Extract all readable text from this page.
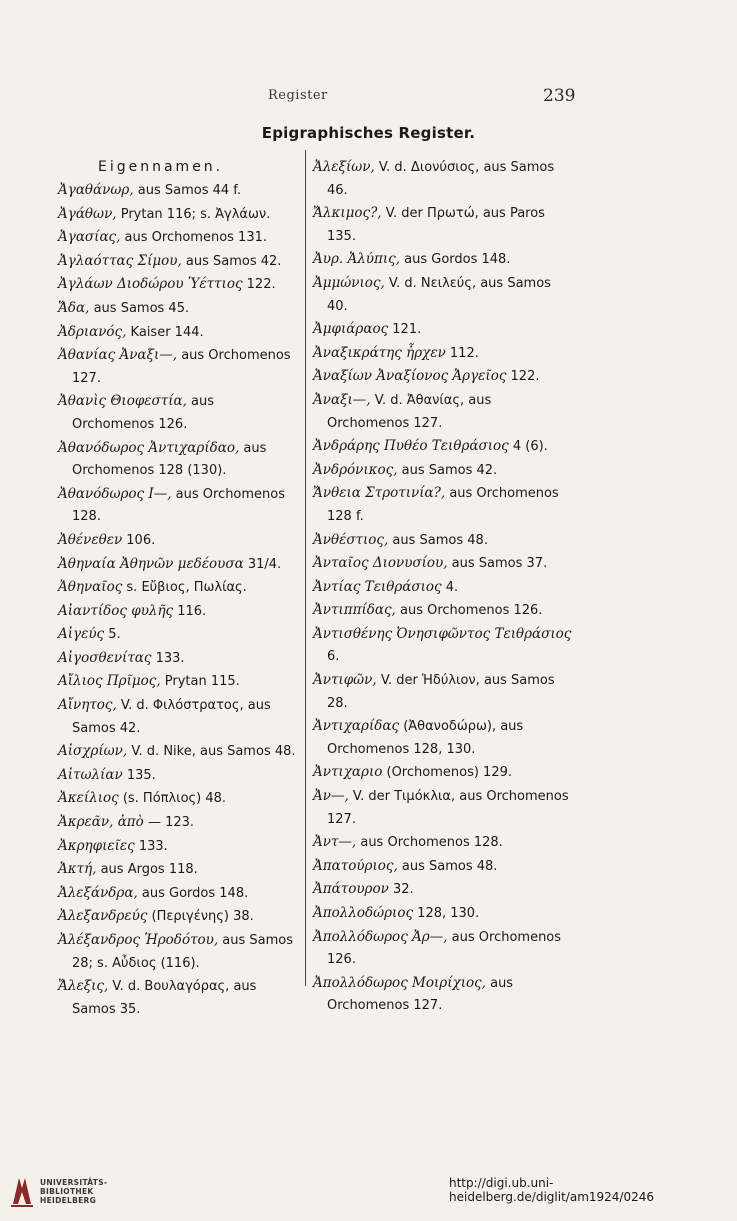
Register	239
Epigraphisches Register.
Eigennamen.
Ἀγαθάνωρ, aus Samos 44 f.
Ἀγάθων, Prytan 116; s. Ἀγλάων.
Ἀγασίας, aus Orchomenos 131.
Ἀγλαόττας Σίμου, aus Samos 42.
Ἀγλάων Διοδώρου Ὑέττιος 122.
Ἄδα, aus Samos 45.
Ἀδριανός, Kaiser 144.
Ἀθανίας Ἀναξι—, aus Orchomenos 127.
Ἀθανὶς Θιοφεστία, aus Orchomenos 126.
Ἀθανόδωρος Ἀντιχαρίδαο, aus Orchomenos 128 (130).
Ἀθανόδωρος Ι—, aus Orchomenos 128.
Ἀθένεθεν 106.
Ἀθηναία Ἀθηνῶν μεδέουσα 31/4.
Ἀθηναῖος s. Εὔβιος, Πωλίας.
Αἰαντίδος φυλῆς 116.
Αἰγεύς 5.
Αἰγοσθενίτας 133.
Αἴλιος Πρῖμος, Prytan 115.
Αἴνητος, V. d. Φιλόστρατος, aus Samos 42.
Αἰσχρίων, V. d. Nike, aus Samos 48.
Αἰτωλίαν 135.
Ἀκείλιος (s. Πόπλιος) 48.
Ἀκρεᾶν, ἀπὸ — 123.
Ἀκρηφιεῖες 133.
Ἀκτή, aus Argos 118.
Ἀλεξάνδρα, aus Gordos 148.
Ἀλεξανδρεύς (Περιγένης) 38.
Ἀλέξανδρος Ἡροδότου, aus Samos 28; s. Αὖδιος (116).
Ἄλεξις, V. d. Βουλαγόρας, aus Samos 35.
Ἀλεξίων, V. d. Διονύσιος, aus Samos 46.
Ἄλκιμος?, V. der Πρωτώ, aus Paros 135.
Ἀυρ. Ἀλύπις, aus Gordos 148.
Ἀμμώνιος, V. d. Νειλεύς, aus Samos 40.
Ἀμφιάραος 121.
Ἀναξικράτης ἦρχεν 112.
Ἀναξίων Ἀναξίονος Ἀργεῖος 122.
Ἀναξι—, V. d. Ἀθανίας, aus Orchomenos 127.
Ἀνδράρης Πυθέο Τειθράσιος 4 (6).
Ἀνδρόνικος, aus Samos 42.
Ἄνθεια Στροτινία?, aus Orchomenos 128 f.
Ἀνθέστιος, aus Samos 48.
Ἀνταῖος Διονυσίου, aus Samos 37.
Ἀντίας Τειθράσιος 4.
Ἀντιππίδας, aus Orchomenos 126.
Ἀντισθένης Ὀνησιφῶντος Τειθράσιος 6.
Ἀντιφῶν, V. der Ἡδύλιον, aus Samos 28.
Ἀντιχαρίδας (Ἀθανοδώρω), aus Orchomenos 128, 130.
Ἀντιχαριο (Orchomenos) 129.
Ἀν—, V. der Τιμόκλια, aus Orchomenos 127.
Ἀντ—, aus Orchomenos 128.
Ἀπατούριος, aus Samos 48.
Ἀπάτουρον 32.
Ἀπολλοδώριος 128, 130.
Ἀπολλόδωρος Ἀρ—, aus Orchomenos 126.
Ἀπολλόδωρος Μοιρίχιος, aus Orchomenos 127.
UNIVERSITÄTS-
BIBLIOTHEK
HEIDELBERG
http://digi.ub.uni-heidelberg.de/diglit/am1924/0246
